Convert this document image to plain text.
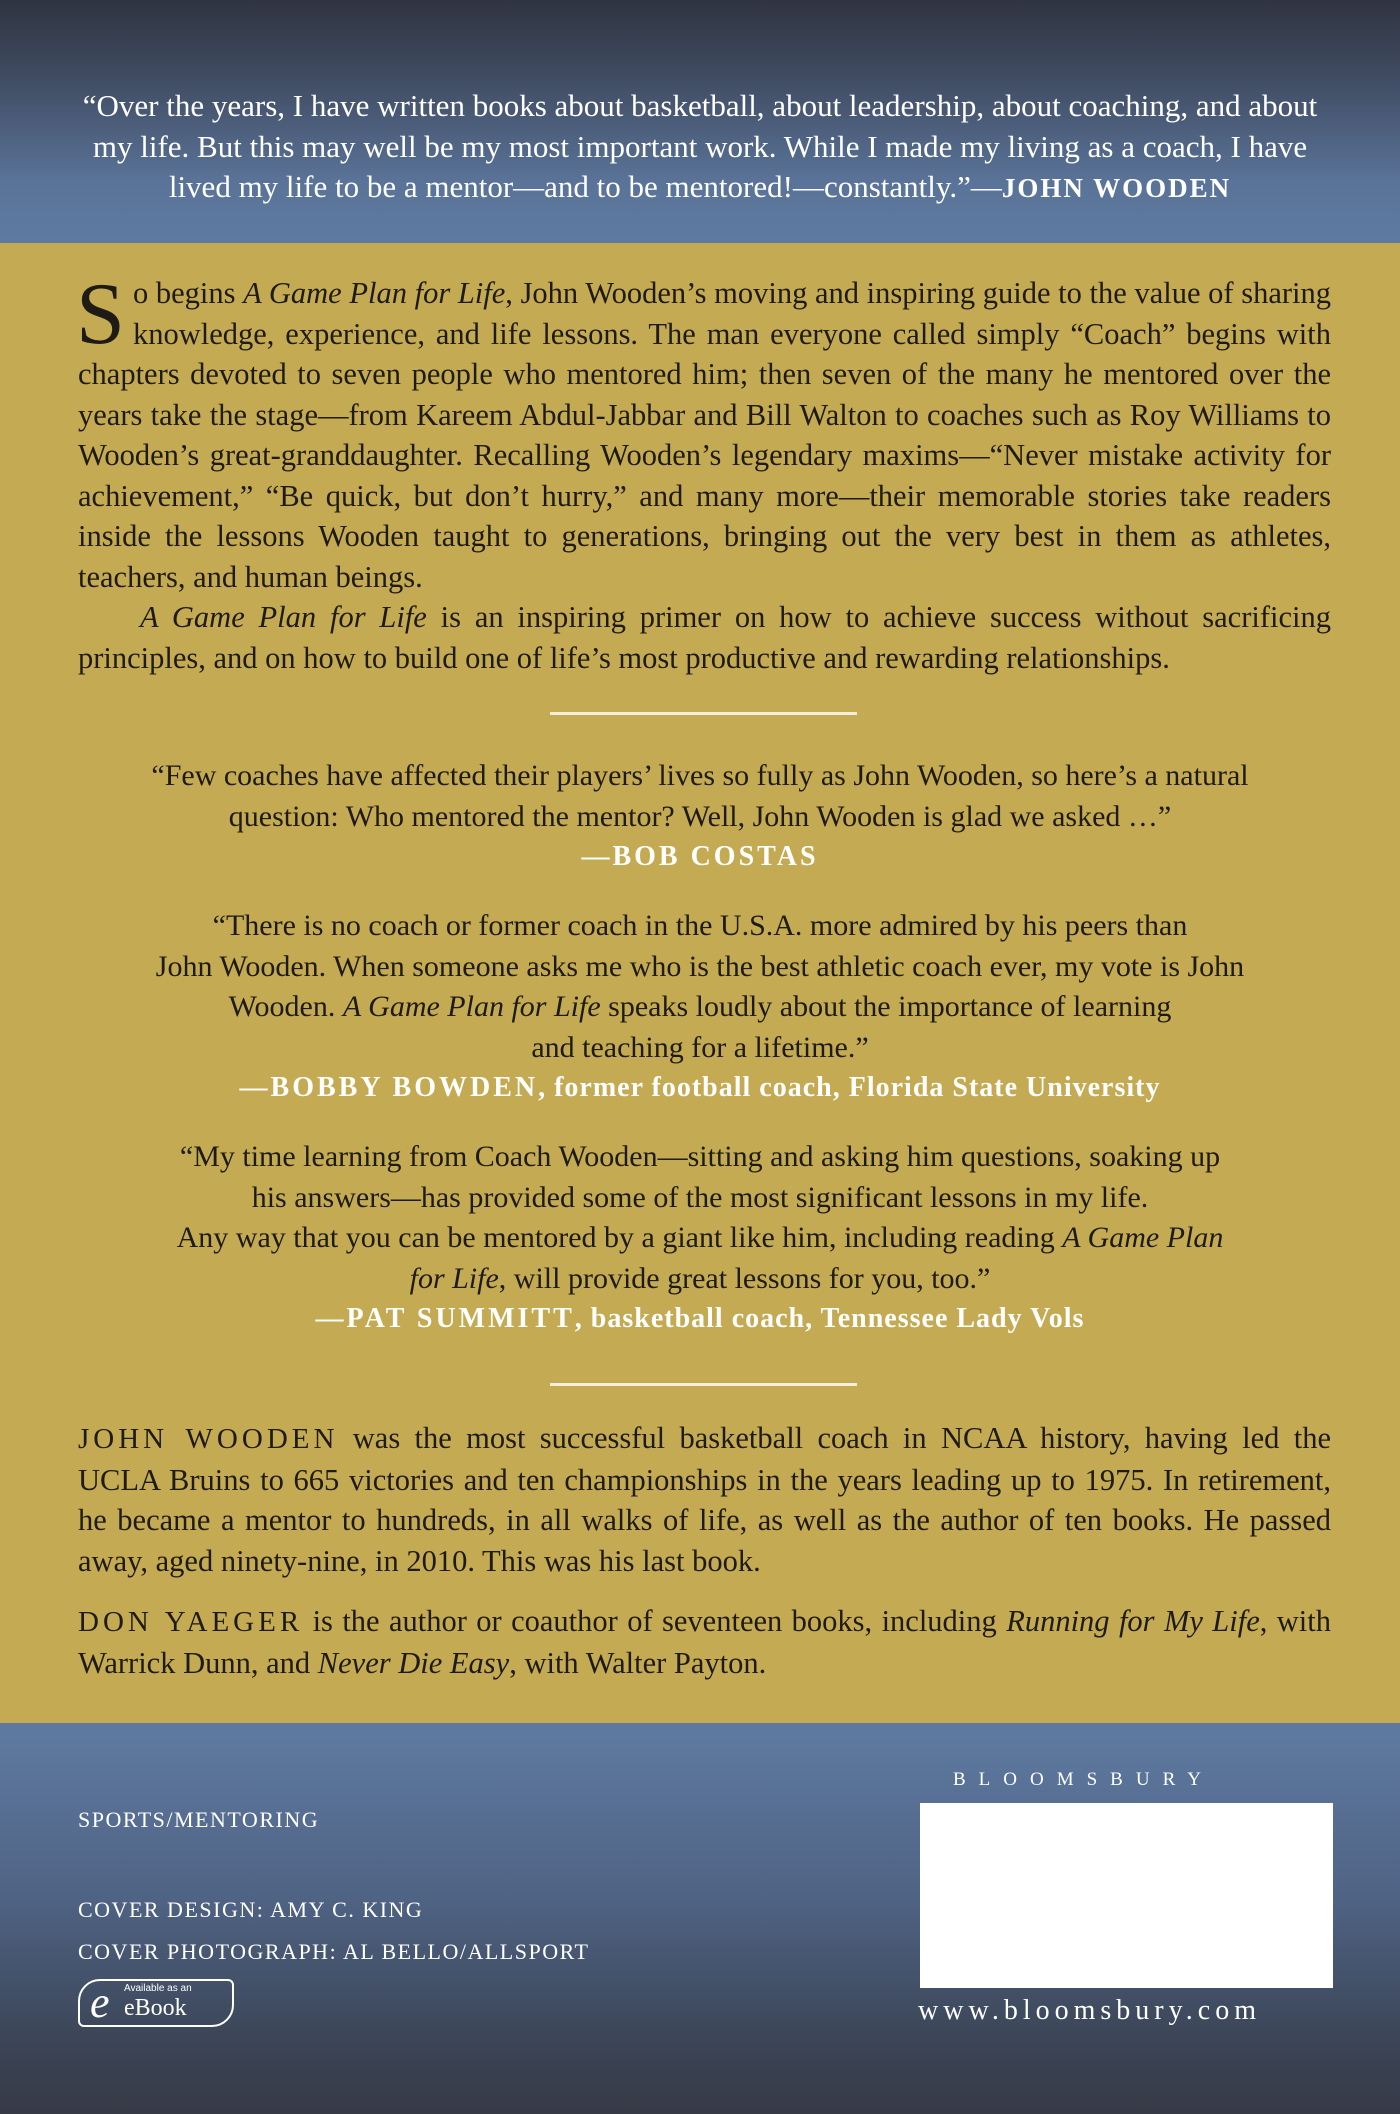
“Over the years, I have written books about basketball, about leadership, about coaching, and about my life. But this may well be my most important work. While I made my living as a coach, I have lived my life to be a mentor—and to be mentored!—constantly.”—JOHN WOODEN

So begins A Game Plan for Life, John Wooden’s moving and inspiring guide to the value of sharing knowledge, experience, and life lessons. The man everyone called simply “Coach” begins with chapters devoted to seven people who mentored him; then seven of the many he mentored over the years take the stage—from Kareem Abdul-Jabbar and Bill Walton to coaches such as Roy Williams to Wooden’s great-granddaughter. Recalling Wooden’s legendary maxims—“Never mistake activity for achievement,” “Be quick, but don’t hurry,” and many more—their memorable stories take readers inside the lessons Wooden taught to generations, bringing out the very best in them as athletes, teachers, and human beings.

A Game Plan for Life is an inspiring primer on how to achieve success without sacrificing principles, and on how to build one of life’s most productive and rewarding relationships.

“Few coaches have affected their players’ lives so fully as John Wooden, so here’s a natural

question: Who mentored the mentor? Well, John Wooden is glad we asked …”

—BOB COSTAS

“There is no coach or former coach in the U.S.A. more admired by his peers than

John Wooden. When someone asks me who is the best athletic coach ever, my vote is John

Wooden. A Game Plan for Life speaks loudly about the importance of learning

and teaching for a lifetime.”

—BOBBY BOWDEN, former football coach, Florida State University

“My time learning from Coach Wooden—sitting and asking him questions, soaking up

his answers—has provided some of the most significant lessons in my life.

Any way that you can be mentored by a giant like him, including reading A Game Plan

for Life, will provide great lessons for you, too.”

—PAT SUMMITT, basketball coach, Tennessee Lady Vols

JOHN WOODEN was the most successful basketball coach in NCAA history, having led the UCLA Bruins to 665 victories and ten championships in the years leading up to 1975. In retirement, he became a mentor to hundreds, in all walks of life, as well as the author of ten books. He passed away, aged ninety-nine, in 2010. This was his last book.

DON YAEGER is the author or coauthor of seventeen books, including Running for My Life, with Warrick Dunn, and Never Die Easy, with Walter Payton.

SPORTS/MENTORING
COVER DESIGN: AMY C. KING
COVER PHOTOGRAPH: AL BELLO/ALLSPORT
e Available as an
eBook
BLOOMSBURY
www.bloomsbury.com
